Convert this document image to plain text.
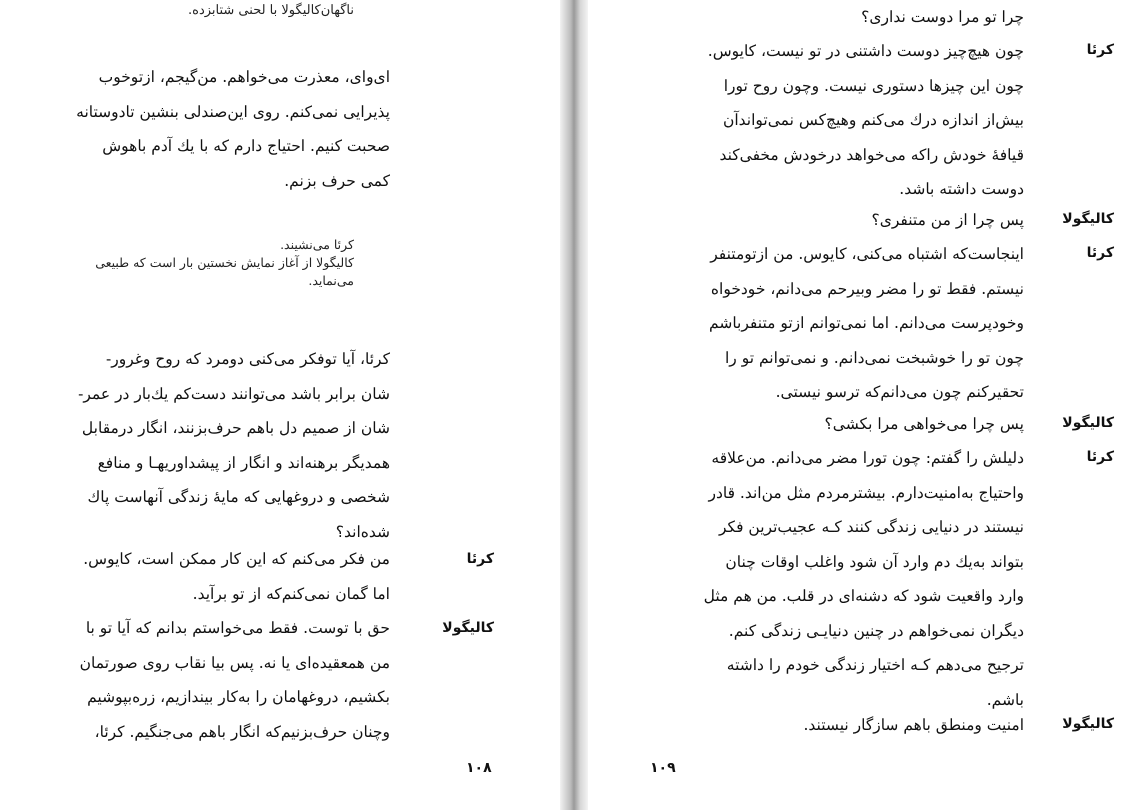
ناگهان‌کالیگولا با لحنی شتابزده.
ای‌وای، معذرت می‌خواهم. من‌گیجم، ازتوخوب
پذیرایی نمی‌کنم. روی این‌صندلی بنشین تادوستانه
صحبت کنیم. احتیاج دارم که با یك آدم باهوش
کمی حرف بزنم.
کرئا می‌نشیند.
کالیگولا از آغاز نمایش نخستین بار است که طبیعی
می‌نماید.
کرئا، آیا توفکر می‌کنی دومرد که روح وغرور-
شان برابر باشد می‌توانند دست‌کم یك‌بار در عمر-
شان از صمیم دل باهم حرف‌بزنند، انگار درمقابل
همدیگر برهنه‌اند و انگار از پیشداوریهـا و منافع
شخصی و دروغهایی که مایهٔ زندگی آنهاست پاك
شده‌اند؟
کرئا
من فکر می‌کنم که این کار ممکن است، کایوس.
اما گمان نمی‌کنم‌که از تو برآید.
کالیگولا
حق با توست. فقط می‌خواستم بدانم که آیا تو با
من همعقیده‌ای یا نه. پس بیا نقاب روی صورتمان
بکشیم، دروغهامان را به‌کار بیندازیم، زره‌بپوشیم
وچنان حرف‌بزنیم‌که انگار باهم می‌جنگیم. کرئا،
۱۰۸
چرا تو مرا دوست نداری؟
کرئا
چون هیچ‌چیز دوست داشتنی در تو نیست، کایوس.
چون این چیزها دستوری نیست. وچون روح تورا
بیش‌از اندازه درك می‌کنم وهیچ‌کس نمی‌تواندآن
قیافهٔ خودش راکه می‌خواهد درخودش مخفی‌کند
دوست داشته باشد.
کالیگولا
پس چرا از من متنفری؟
کرئا
اینجاست‌که اشتباه می‌کنی، کایوس. من ازتومتنفر
نیستم. فقط تو را مضر وبیرحم می‌دانم، خودخواه
وخودپرست می‌دانم. اما نمی‌توانم ازتو متنفرباشم
چون تو را خوشبخت نمی‌دانم. و نمی‌توانم تو را
تحقیرکنم چون می‌دانم‌که ترسو نیستی.
کالیگولا
پس چرا می‌خواهی مرا بکشی؟
کرئا
دلیلش را گفتم: چون تورا مضر می‌دانم. من‌علاقه
واحتیاج به‌امنیت‌دارم. بیشترمردم مثل من‌اند. قادر
نیستند در دنیایی زندگی کنند کـه عجیب‌ترین فکر
بتواند به‌یك دم وارد آن شود واغلب اوقات چنان
وارد واقعیت شود که دشنه‌ای در قلب. من هم مثل
دیگران نمی‌خواهم در چنین دنیایـی زندگی کنم.
ترجیح می‌دهم کـه اختیار زندگی خودم را داشته
باشم.
کالیگولا
امنیت ومنطق باهم سازگار نیستند.
۱۰۹
